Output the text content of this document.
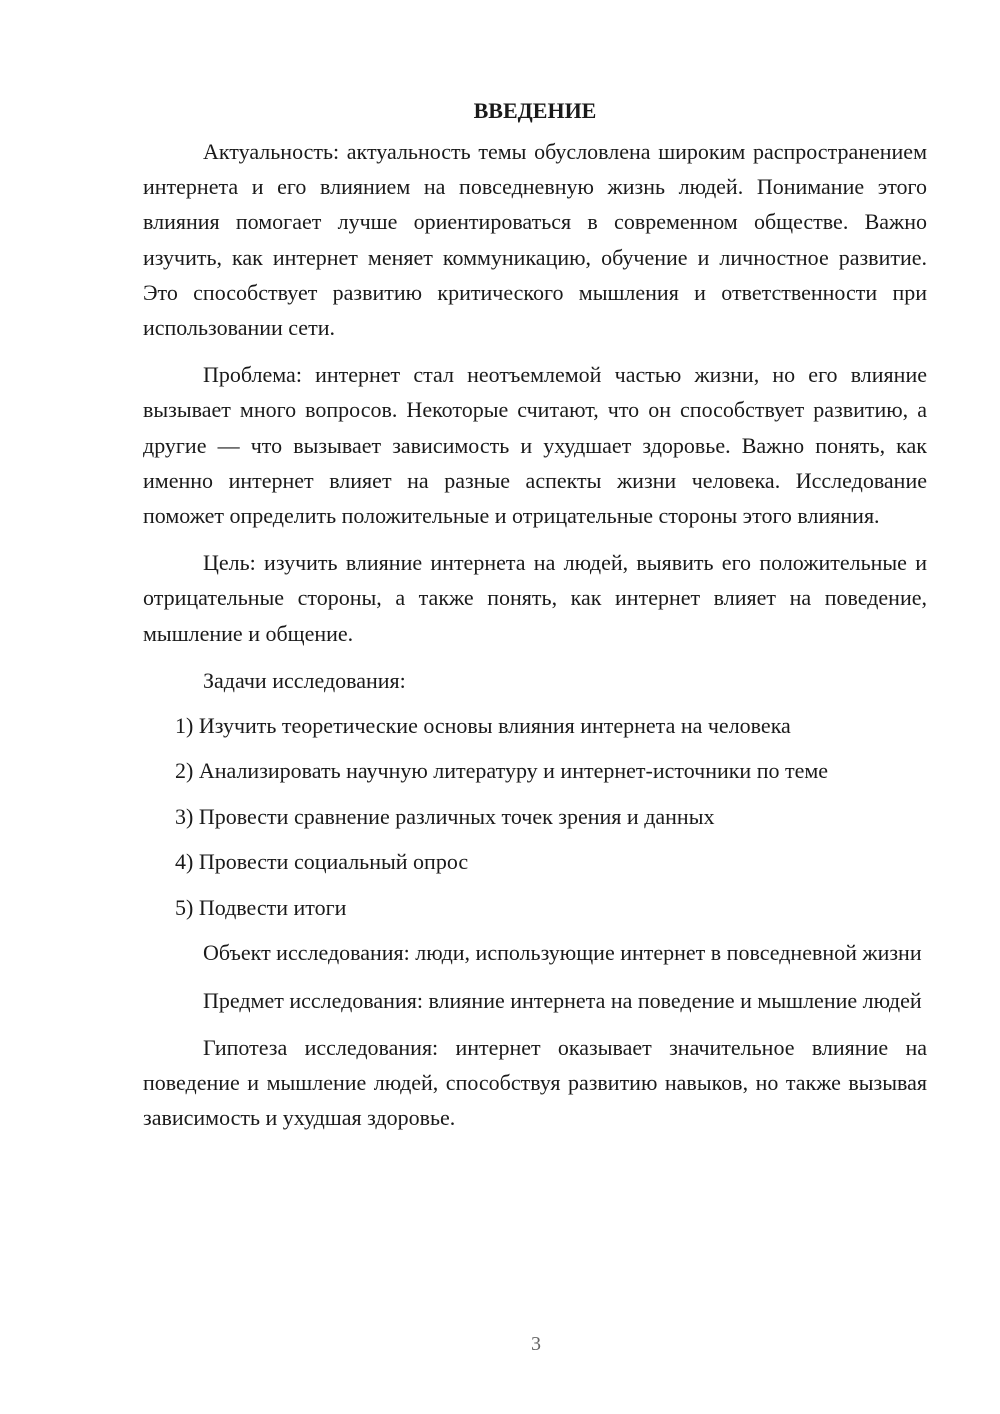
ВВЕДЕНИЕ

Актуальность: актуальность темы обусловлена широким распространением интернета и его влиянием на повседневную жизнь людей. Понимание этого влияния помогает лучше ориентироваться в современном обществе. Важно изучить, как интернет меняет коммуникацию, обучение и личностное развитие. Это способствует развитию критического мышления и ответственности при использовании сети.

Проблема: интернет стал неотъемлемой частью жизни, но его влияние вызывает много вопросов. Некоторые считают, что он способствует развитию, а другие — что вызывает зависимость и ухудшает здоровье. Важно понять, как именно интернет влияет на разные аспекты жизни человека. Исследование поможет определить положительные и отрицательные стороны этого влияния.

Цель: изучить влияние интернета на людей, выявить его положительные и отрицательные стороны, а также понять, как интернет влияет на поведение, мышление и общение.

Задачи исследования:
1) Изучить теоретические основы влияния интернета на человека
2) Анализировать научную литературу и интернет-источники по теме
3) Провести сравнение различных точек зрения и данных
4) Провести социальный опрос
5) Подвести итоги

Объект исследования: люди, использующие интернет в повседневной жизни

Предмет исследования: влияние интернета на поведение и мышление людей

Гипотеза исследования: интернет оказывает значительное влияние на поведение и мышление людей, способствуя развитию навыков, но также вызывая зависимость и ухудшая здоровье.

3
